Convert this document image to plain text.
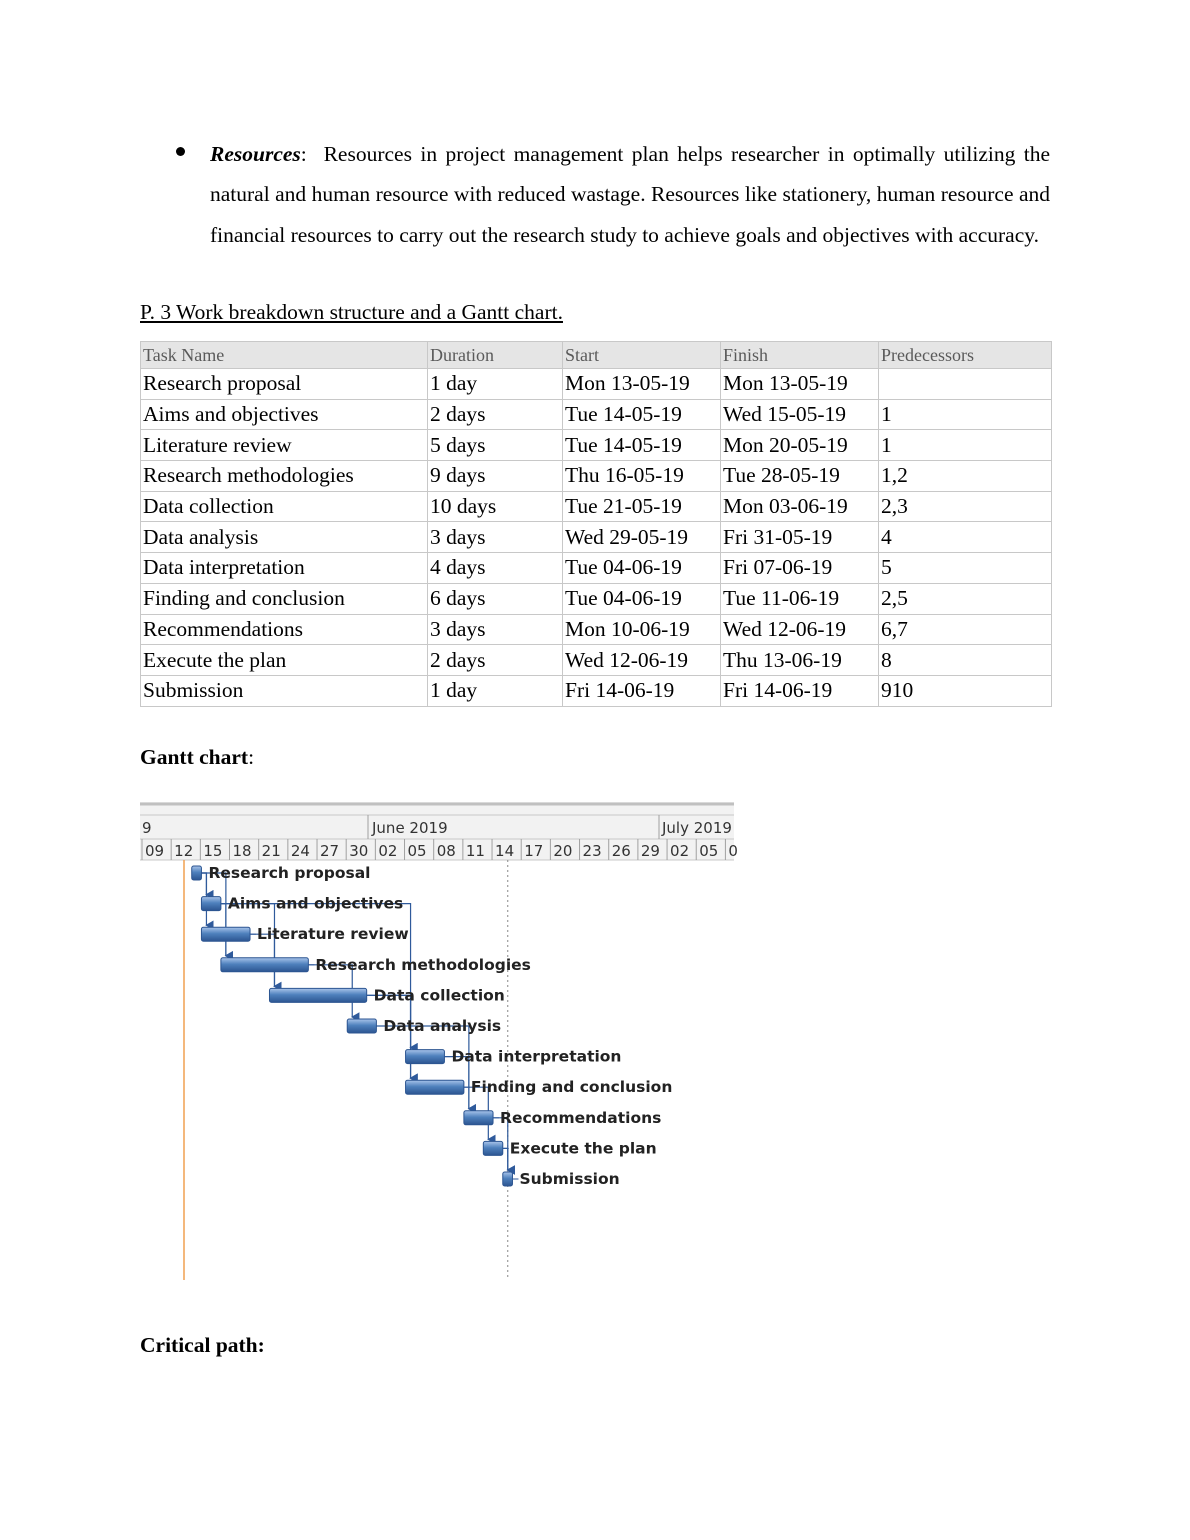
Resources: Resources in project management plan helps researcher in optimally utilizing the natural and human resource with reduced wastage. Resources like stationery, human resource and financial resources to carry out the research study to achieve goals and objectives with accuracy.
P. 3 Work breakdown structure and a Gantt chart.
Task Name	Duration	Start	Finish	Predecessors
Research proposal	1 day	Mon 13-05-19	Mon 13-05-19	
Aims and objectives	2 days	Tue 14-05-19	Wed 15-05-19	1
Literature review	5 days	Tue 14-05-19	Mon 20-05-19	1
Research methodologies	9 days	Thu 16-05-19	Tue 28-05-19	1,2
Data collection	10 days	Tue 21-05-19	Mon 03-06-19	2,3
Data analysis	3 days	Wed 29-05-19	Fri 31-05-19	4
Data interpretation	4 days	Tue 04-06-19	Fri 07-06-19	5
Finding and conclusion	6 days	Tue 04-06-19	Tue 11-06-19	2,5
Recommendations	3 days	Mon 10-06-19	Wed 12-06-19	6,7
Execute the plan	2 days	Wed 12-06-19	Thu 13-06-19	8
Submission	1 day	Fri 14-06-19	Fri 14-06-19	910
Gantt chart:
9	June 2019	July 2019
09 12 15 18 21 24 27 30 02 05 08 11 14 17 20 23 26 29 02 05 0
Research proposal
Aims and objectives
Literature review
Research methodologies
Data collection
Data analysis
Data interpretation
Finding and conclusion
Recommendations
Execute the plan
Submission
Critical path:
